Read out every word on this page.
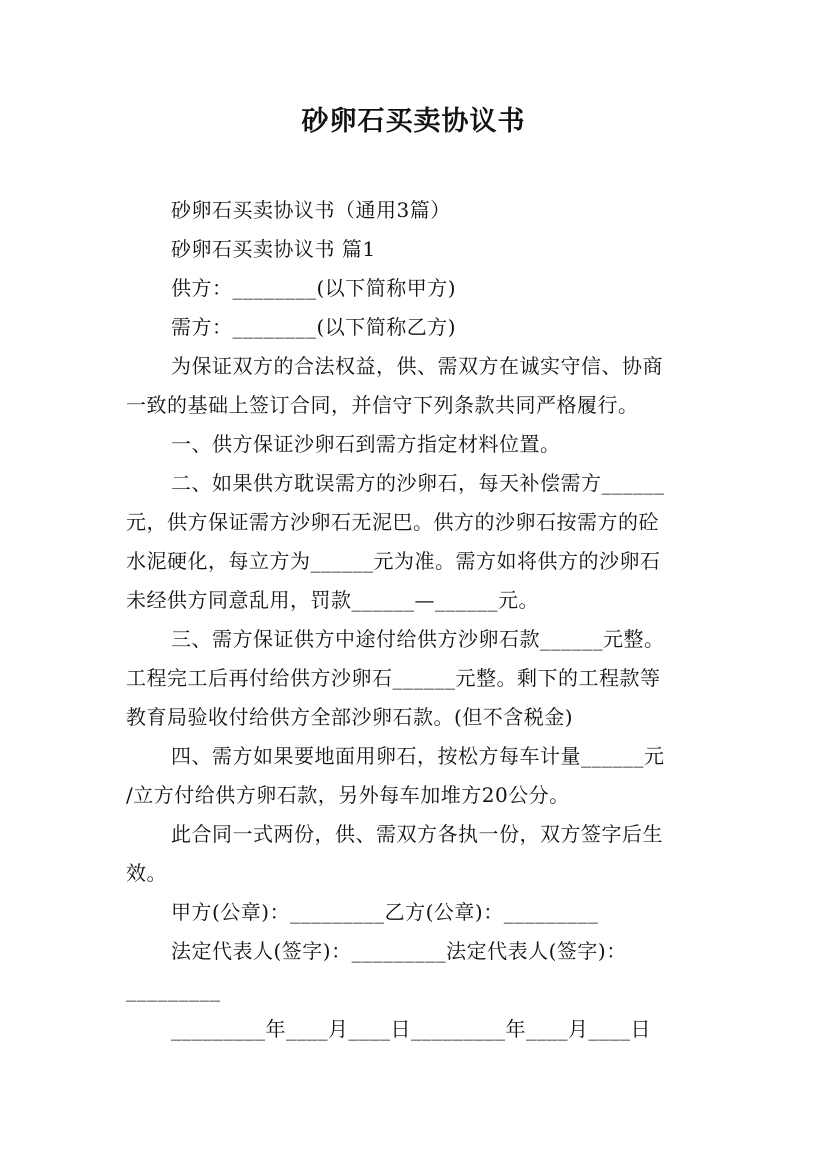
砂卵石买卖协议书
砂卵石买卖协议书（通用3篇）
砂卵石买卖协议书 篇1
供方：________(以下简称甲方)
需方：________(以下简称乙方)
为保证双方的合法权益，供、需双方在诚实守信、协商
一致的基础上签订合同，并信守下列条款共同严格履行。
一、供方保证沙卵石到需方指定材料位置。
二、如果供方耽误需方的沙卵石，每天补偿需方______
元，供方保证需方沙卵石无泥巴。供方的沙卵石按需方的砼
水泥硬化，每立方为______元为准。需方如将供方的沙卵石
未经供方同意乱用，罚款______—______元。
三、需方保证供方中途付给供方沙卵石款______元整。
工程完工后再付给供方沙卵石______元整。剩下的工程款等
教育局验收付给供方全部沙卵石款。(但不含税金)
四、需方如果要地面用卵石，按松方每车计量______元
/立方付给供方卵石款，另外每车加堆方20公分。
此合同一式两份，供、需双方各执一份，双方签字后生
效。
甲方(公章)：_________乙方(公章)：_________
法定代表人(签字)：_________法定代表人(签字)：
_________
_________年____月____日_________年____月____日
